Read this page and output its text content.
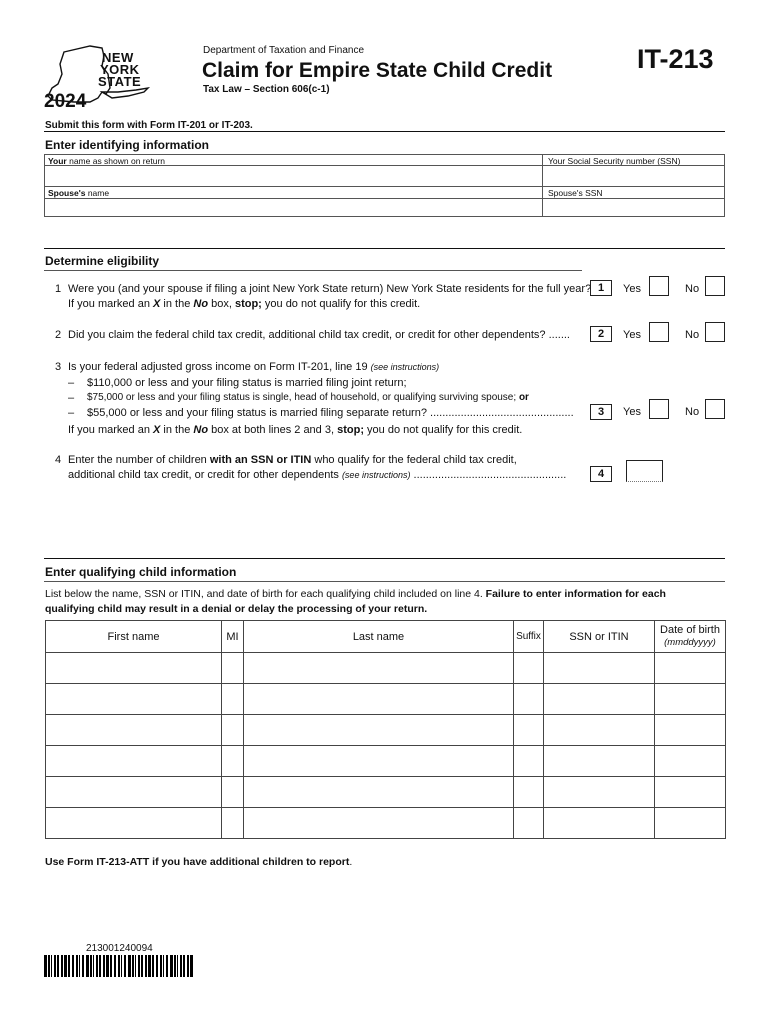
NEW
YORK
STATE
2024
Department of Taxation and Finance
Claim for Empire State Child Credit
Tax Law – Section 606(c-1)
IT-213
Submit this form with Form IT-201 or IT-203.
Enter identifying information
Your name as shown on return	Your Social Security number (SSN)
Spouse's name	Spouse's SSN
Determine eligibility
1 Were you (and your spouse if filing a joint New York State return) New York State residents for the full year?
If you marked an X in the No box, stop; you do not qualify for this credit.
1	Yes	No
2 Did you claim the federal child tax credit, additional child tax credit, or credit for other dependents? .......	2	Yes	No
3 Is your federal adjusted gross income on Form IT-201, line 19 (see instructions)
– $110,000 or less and your filing status is married filing joint return;
– $75,000 or less and your filing status is single, head of household, or qualifying surviving spouse; or
– $55,000 or less and your filing status is married filing separate return? ...............................................	3	Yes	No
If you marked an X in the No box at both lines 2 and 3, stop; you do not qualify for this credit.
4 Enter the number of children with an SSN or ITIN who qualify for the federal child tax credit,
additional child tax credit, or credit for other dependents (see instructions) ..................................................	4
Enter qualifying child information
List below the name, SSN or ITIN, and date of birth for each qualifying child included on line 4. Failure to enter information for each
qualifying child may result in a denial or delay the processing of your return.
First name	MI	Last name	Suffix	SSN or ITIN	Date of birth
(mmddyyyy)

Use Form IT-213-ATT if you have additional children to report.
213001240094
